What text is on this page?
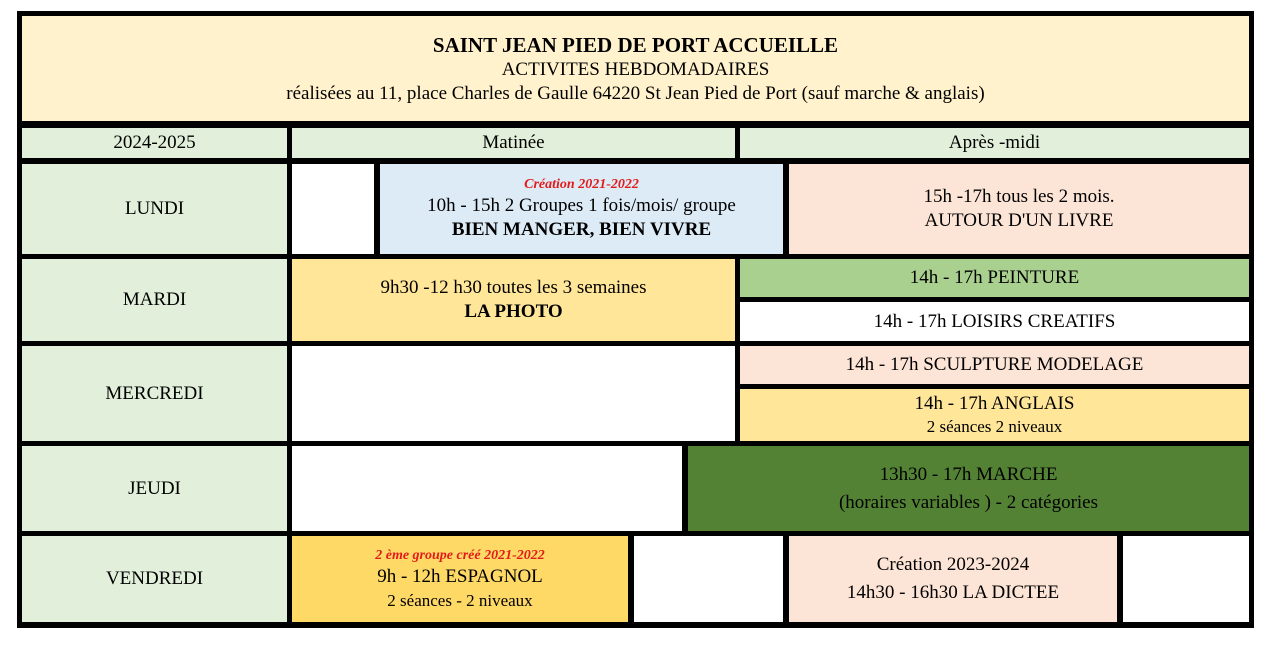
SAINT JEAN PIED DE PORT ACCUEILLE
ACTIVITES HEBDOMADAIRES
réalisées au 11, place Charles de Gaulle 64220 St Jean Pied de Port (sauf marche & anglais)
2024-2025	Matinée	Après -midi
LUNDI
Création 2021-2022
10h - 15h 2 Groupes 1 fois/mois/ groupe
BIEN MANGER, BIEN VIVRE
15h -17h tous les 2 mois.
AUTOUR D'UN LIVRE
MARDI
9h30 -12 h30 toutes les 3 semaines
LA PHOTO
14h - 17h PEINTURE
14h - 17h LOISIRS CREATIFS
MERCREDI
14h - 17h SCULPTURE MODELAGE
14h - 17h ANGLAIS
2 séances 2 niveaux
JEUDI
13h30 - 17h MARCHE
(horaires variables ) - 2 catégories
VENDREDI
2 ème groupe créé 2021-2022
9h - 12h ESPAGNOL
2 séances - 2 niveaux
Création 2023-2024
14h30 - 16h30 LA DICTEE
